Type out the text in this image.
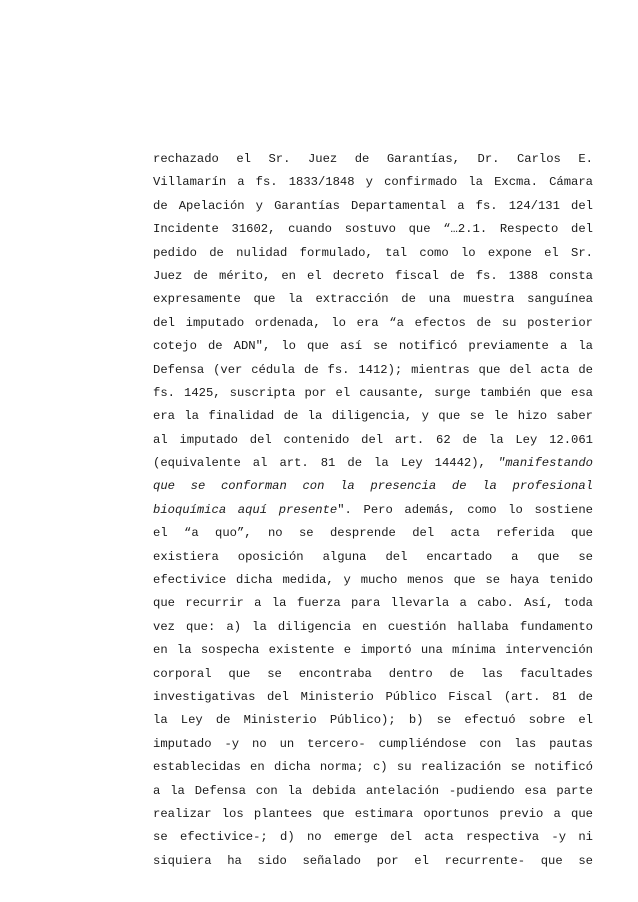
rechazado el Sr. Juez de Garantías, Dr. Carlos E.
Villamarín a fs. 1833/1848 y confirmado la Excma. Cámara
de Apelación y Garantías Departamental a fs. 124/131 del
Incidente 31602, cuando sostuvo que “…2.1. Respecto del
pedido de nulidad formulado, tal como lo expone el Sr.
Juez de mérito, en el decreto fiscal de fs. 1388 consta
expresamente que la extracción de una muestra sanguínea
del imputado ordenada, lo era “a efectos de su posterior
cotejo de ADN", lo que así se notificó previamente a la
Defensa (ver cédula de fs. 1412); mientras que del acta de
fs. 1425, suscripta por el causante, surge también que esa
era la finalidad de la diligencia, y que se le hizo saber
al imputado del contenido del art. 62 de la Ley 12.061
(equivalente al art. 81 de la Ley 14442), "manifestando
que se conforman con la presencia de la profesional
bioquímica aquí presente". Pero además, como lo sostiene
el “a quo”, no se desprende del acta referida que
existiera oposición alguna del encartado a que se
efectivice dicha medida, y mucho menos que se haya tenido
que recurrir a la fuerza para llevarla a cabo. Así, toda
vez que: a) la diligencia en cuestión hallaba fundamento
en la sospecha existente e importó una mínima intervención
corporal que se encontraba dentro de las facultades
investigativas del Ministerio Público Fiscal (art. 81 de
la Ley de Ministerio Público); b) se efectuó sobre el
imputado -y no un tercero- cumpliéndose con las pautas
establecidas en dicha norma; c) su realización se notificó
a la Defensa con la debida antelación -pudiendo esa parte
realizar los plantees que estimara oportunos previo a que
se efectivice-; d) no emerge del acta respectiva -y ni
siquiera ha sido señalado por el recurrente- que se
